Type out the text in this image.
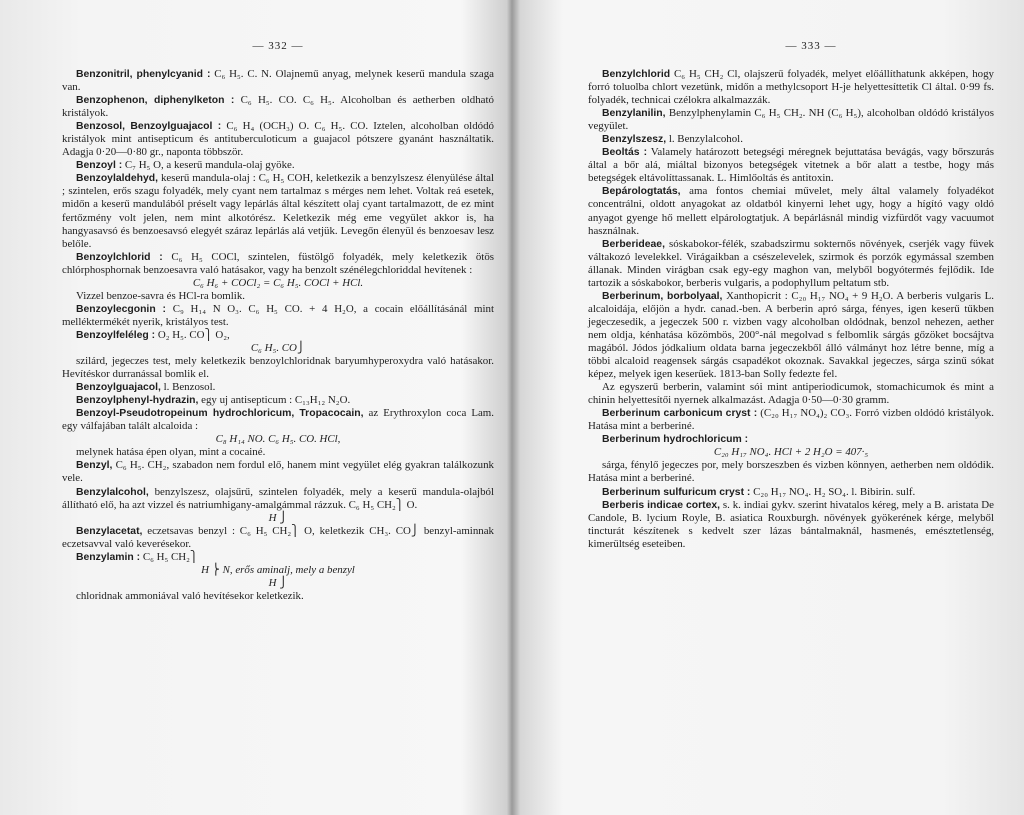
— 332 —

Benzonitril, phenylcyanid : C₆ H₅. C. N. Olajnemű anyag, melynek keserű mandula szaga van.

Benzophenon, diphenylketon : C₆ H₅. CO. C₆ H₅. Alcoholban és aetherben oldható kristályok.

Benzosol, Benzoylguajacol : C₆ H₄ (OCH₃) O. C₆ H₅. CO. Iztelen, alcoholban oldódó kristályok mint antisepticum és antituberculoticum a guajacol pótszere gyanánt használtatik. Adagja 0·20—0·80 gr., naponta többször.

Benzoyl : C₇ H₅ O, a keserű mandula-olaj gyöke.

Benzoylaldehyd, keserű mandula-olaj : C₆ H₅ COH, keletkezik a benzylszesz élenyülése által ; szintelen, erős szagu folyadék, mely cyant nem tartalmaz s mérges nem lehet. Voltak reá esetek, midőn a keserű mandulából préselt vagy lepárlás által készített olaj cyant tartalmazott, de ez mint fertőzmény volt jelen, nem mint alkotórész. Keletkezik még eme vegyület akkor is, ha hangyasavsó és benzoesavsó elegyét száraz lepárlás alá vetjük. Levegőn élenyül és benzoesav lesz belőle.

Benzoylchlorid : C₆ H₅ COCl, szintelen, füstölgő folyadék, mely keletkezik ötös chlórphosphornak benzoesavra való hatásakor, vagy ha benzolt szénélegchloriddal hevítenek :

C₆ H₆ + COCl₂ = C₆ H₅. COCl + HCl.

Vizzel benzoe-savra és HCl-ra bomlik.

Benzoylecgonin : C₉ H₁₄ N O₃. C₆ H₅ CO. + 4 H₂O, a cocain előállításánál mint melléktermékét nyerik, kristályos test.

Benzoylfeléleg : O₂ H₅. CO⎫ O₂,

C₆ H₅. CO⎭

szilárd, jegeczes test, mely keletkezik benzoylchloridnak baryumhyperoxydra való hatásakor. Hevítéskor durranással bomlik el.

Benzoylguajacol, l. Benzosol.

Benzoylphenyl-hydrazin, egy uj antisepticum : C₁₃H₁₂ N₂O.

Benzoyl-Pseudotropeinum hydrochloricum, Tropacocain, az Erythroxylon coca Lam. egy válfajában talált alcaloida :

C₈ H₁₄ NO. C₆ H₅. CO. HCl,

melynek hatása épen olyan, mint a cocainé.

Benzyl, C₆ H₅. CH₂, szabadon nem fordul elő, hanem mint vegyület elég gyakran találkozunk vele.

Benzylalcohol, benzylszesz, olajsűrű, szintelen folyadék, mely a keserű mandula-olajból állítható elő, ha azt vizzel és natriumhigany-amalgámmal rázzuk. C₆ H₅ CH₂⎫ O.

H ⎭

Benzylacetat, eczetsavas benzyl : C₆ H₅ CH₂⎫ O, keletkezik CH₃. CO⎭ benzyl-aminnak eczetsavval való keverésekor.

Benzylamin : C₆ H₅ CH₂⎫

H ⎬ N, erős aminalj, mely a benzyl
H ⎭

chloridnak ammoniával való hevítésekor keletkezik.

— 333 —

Benzylchlorid C₆ H₅ CH₂ Cl, olajszerű folyadék, melyet előállíthatunk akképen, hogy forró toluolba chlort vezetünk, midőn a methylcsoport H-je helyettesíttetik Cl által. 0·99 fs. folyadék, technicai czélokra alkalmazzák.

Benzylanilin, Benzylphenylamin C₆ H₅ CH₂. NH (C₆ H₅), alcoholban oldódó kristályos vegyület.

Benzylszesz, l. Benzylalcohol.

Beoltás : Valamely határozott betegségi méregnek bejuttatása bevágás, vagy bőrszurás által a bőr alá, miáltal bizonyos betegségek vitetnek a bőr alatt a testbe, hogy más betegségek eltávolíttassanak. L. Himlőoltás és antitoxin.

Bepárologtatás, ama fontos chemiai művelet, mely által valamely folyadékot concentrálni, oldott anyagokat az oldatból kinyerni lehet ugy, hogy a hígító vagy oldó anyagot gyenge hő mellett elpárologtatjuk. A bepárlásnál mindig vizfürdőt vagy vacuumot használnak.

Berberideae, sóskabokor-félék, szabadszirmu sokternős növények, cserjék vagy füvek váltakozó levelekkel. Virágaikban a csészelevelek, szirmok és porzók egymással szemben állanak. Minden virágban csak egy-egy maghon van, melyből bogyótermés fejlődik. Ide tartozik a sóskabokor, berberis vulgaris, a podophyllum peltatum stb.

Berberinum, borbolyaal, Xanthopicrit : C₂₀ H₁₇ NO₄ + 9 H₂O. A berberis vulgaris L. alcaloidája, előjön a hydr. canad.-ben. A berberin apró sárga, fényes, igen keserű tűkben jegeczesedik, a jegeczek 500 r. vizben vagy alcoholban oldódnak, benzol nehezen, aether nem oldja, kénhatása közömbös, 200°-nál megolvad s felbomlik sárgás gőzöket bocsájtva magából. Jódos jódkalium oldata barna jegeczekből álló válmányt hoz létre benne, míg a többi alcaloid reagensek sárgás csapadékot okoznak. Savakkal jegeczes, sárga szinű sókat képez, melyek igen keserűek. 1813-ban Solly fedezte fel.

Az egyszerű berberin, valamint sói mint antiperiodicumok, stomachicumok és mint a chinin helyettesítői nyernek alkalmazást. Adagja 0·50—0·30 gramm.

Berberinum carbonicum cryst : (C₂₀ H₁₇ NO₄)₂ CO₃. Forró vizben oldódó kristályok. Hatása mint a berberiné.

Berberinum hydrochloricum :

C₂₀ H₁₇ NO₄. HCl + 2 H₂O = 407·₅

sárga, fénylő jegeczes por, mely borszeszben és vizben könnyen, aetherben nem oldódik. Hatása mint a berberiné.

Berberinum sulfuricum cryst : C₂₀ H₁₇ NO₄. H₂ SO₄. l. Bibirin. sulf.

Berberis indicae cortex, s. k. indiai gykv. szerint hivatalos kéreg, mely a B. aristata De Candole, B. lycium Royle, B. asiatica Rouxburgh. növények gyökerének kérge, melyből tincturát készítenek s kedvelt szer lázas bántalmaknál, hasmenés, emésztetlenség, kimerültség eseteiben.
